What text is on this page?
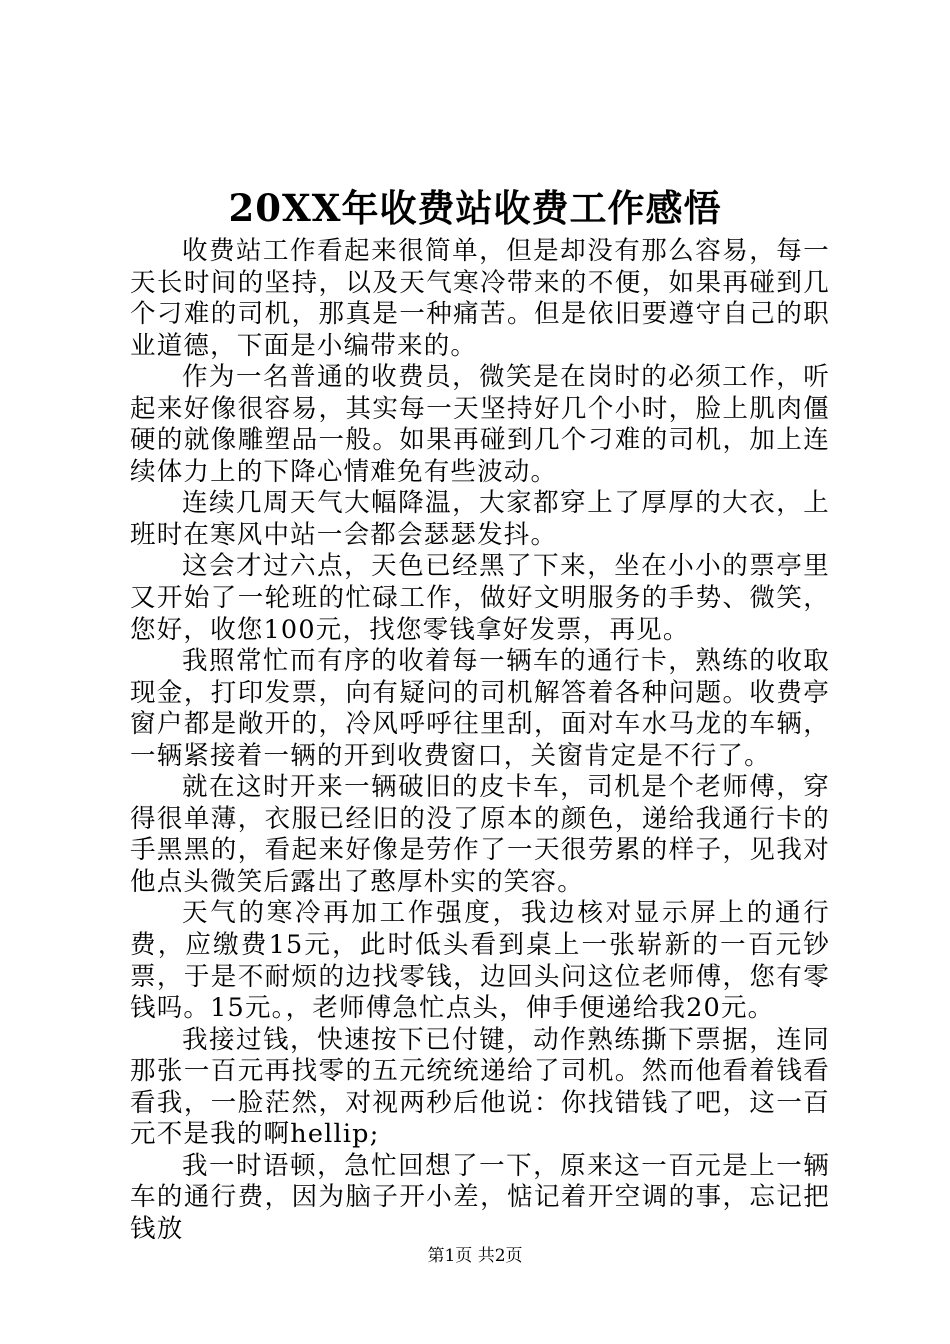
20XX年收费站收费工作感悟

收费站工作看起来很简单，但是却没有那么容易，每一天长时间的坚持，以及天气寒冷带来的不便，如果再碰到几个刁难的司机，那真是一种痛苦。但是依旧要遵守自己的职业道德，下面是小编带来的。

作为一名普通的收费员，微笑是在岗时的必须工作，听起来好像很容易，其实每一天坚持好几个小时，脸上肌肉僵硬的就像雕塑品一般。如果再碰到几个刁难的司机，加上连续体力上的下降心情难免有些波动。

连续几周天气大幅降温，大家都穿上了厚厚的大衣，上班时在寒风中站一会都会瑟瑟发抖。

这会才过六点，天色已经黑了下来，坐在小小的票亭里又开始了一轮班的忙碌工作，做好文明服务的手势、微笑，您好，收您100元，找您零钱拿好发票，再见。

我照常忙而有序的收着每一辆车的通行卡，熟练的收取现金，打印发票，向有疑问的司机解答着各种问题。收费亭窗户都是敞开的，冷风呼呼往里刮，面对车水马龙的车辆，一辆紧接着一辆的开到收费窗口，关窗肯定是不行了。

就在这时开来一辆破旧的皮卡车，司机是个老师傅，穿得很单薄，衣服已经旧的没了原本的颜色，递给我通行卡的手黑黑的，看起来好像是劳作了一天很劳累的样子，见我对他点头微笑后露出了憨厚朴实的笑容。

天气的寒冷再加工作强度，我边核对显示屏上的通行费，应缴费15元，此时低头看到桌上一张崭新的一百元钞票，于是不耐烦的边找零钱，边回头问这位老师傅，您有零钱吗。15元。，老师傅急忙点头，伸手便递给我20元。

我接过钱，快速按下已付键，动作熟练撕下票据，连同那张一百元再找零的五元统统递给了司机。然而他看着钱看看我，一脸茫然，对视两秒后他说：你找错钱了吧，这一百元不是我的啊hellip;

我一时语顿，急忙回想了一下，原来这一百元是上一辆车的通行费，因为脑子开小差，惦记着开空调的事，忘记把钱放

第1页 共2页
